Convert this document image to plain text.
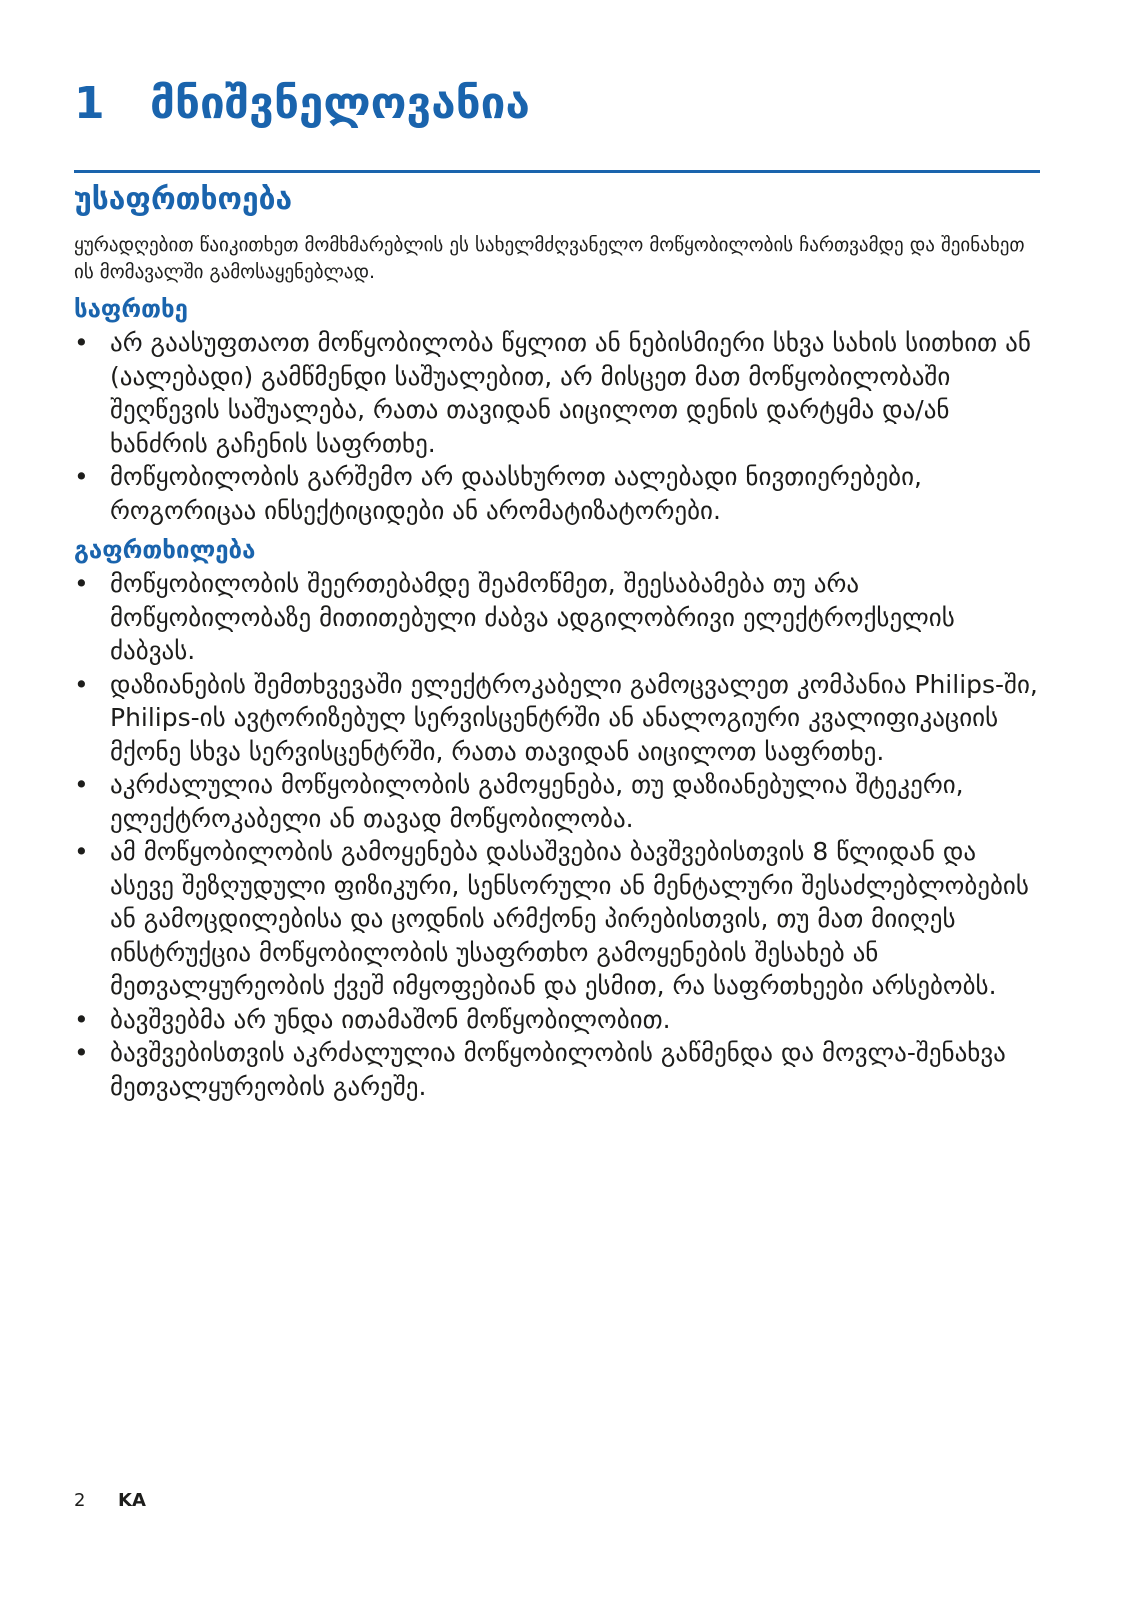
1 მნიშვნელოვანია
უსაფრთხოება

ყურადღებით წაიკითხეთ მომხმარებლის ეს სახელმძღვანელო მოწყობილობის ჩართვამდე და შეინახეთ ის მომავალში გამოსაყენებლად.

საფრთხე
• არ გაასუფთაოთ მოწყობილობა წყლით ან ნებისმიერი სხვა სახის სითხით ან (აალებადი) გამწმენდი საშუალებით, არ მისცეთ მათ მოწყობილობაში შეღწევის საშუალება, რათა თავიდან აიცილოთ დენის დარტყმა და/ან ხანძრის გაჩენის საფრთხე.
• მოწყობილობის გარშემო არ დაასხუროთ აალებადი ნივთიერებები, როგორიცაა ინსექტიციდები ან არომატიზატორები.
გაფრთხილება
• მოწყობილობის შეერთებამდე შეამოწმეთ, შეესაბამება თუ არა მოწყობილობაზე მითითებული ძაბვა ადგილობრივი ელექტროქსელის ძაბვას.
• დაზიანების შემთხვევაში ელექტროკაბელი გამოცვალეთ კომპანია Philips-ში, Philips-ის ავტორიზებულ სერვისცენტრში ან ანალოგიური კვალიფიკაციის მქონე სხვა სერვისცენტრში, რათა თავიდან აიცილოთ საფრთხე.
• აკრძალულია მოწყობილობის გამოყენება, თუ დაზიანებულია შტეკერი, ელექტროკაბელი ან თავად მოწყობილობა.
• ამ მოწყობილობის გამოყენება დასაშვებია ბავშვებისთვის 8 წლიდან და ასევე შეზღუდული ფიზიკური, სენსორული ან მენტალური შესაძლებლობების ან გამოცდილებისა და ცოდნის არმქონე პირებისთვის, თუ მათ მიიღეს ინსტრუქცია მოწყობილობის უსაფრთხო გამოყენების შესახებ ან მეთვალყურეობის ქვეშ იმყოფებიან და ესმით, რა საფრთხეები არსებობს.
• ბავშვებმა არ უნდა ითამაშონ მოწყობილობით.
• ბავშვებისთვის აკრძალულია მოწყობილობის გაწმენდა და მოვლა-შენახვა მეთვალყურეობის გარეშე.
2 KA
